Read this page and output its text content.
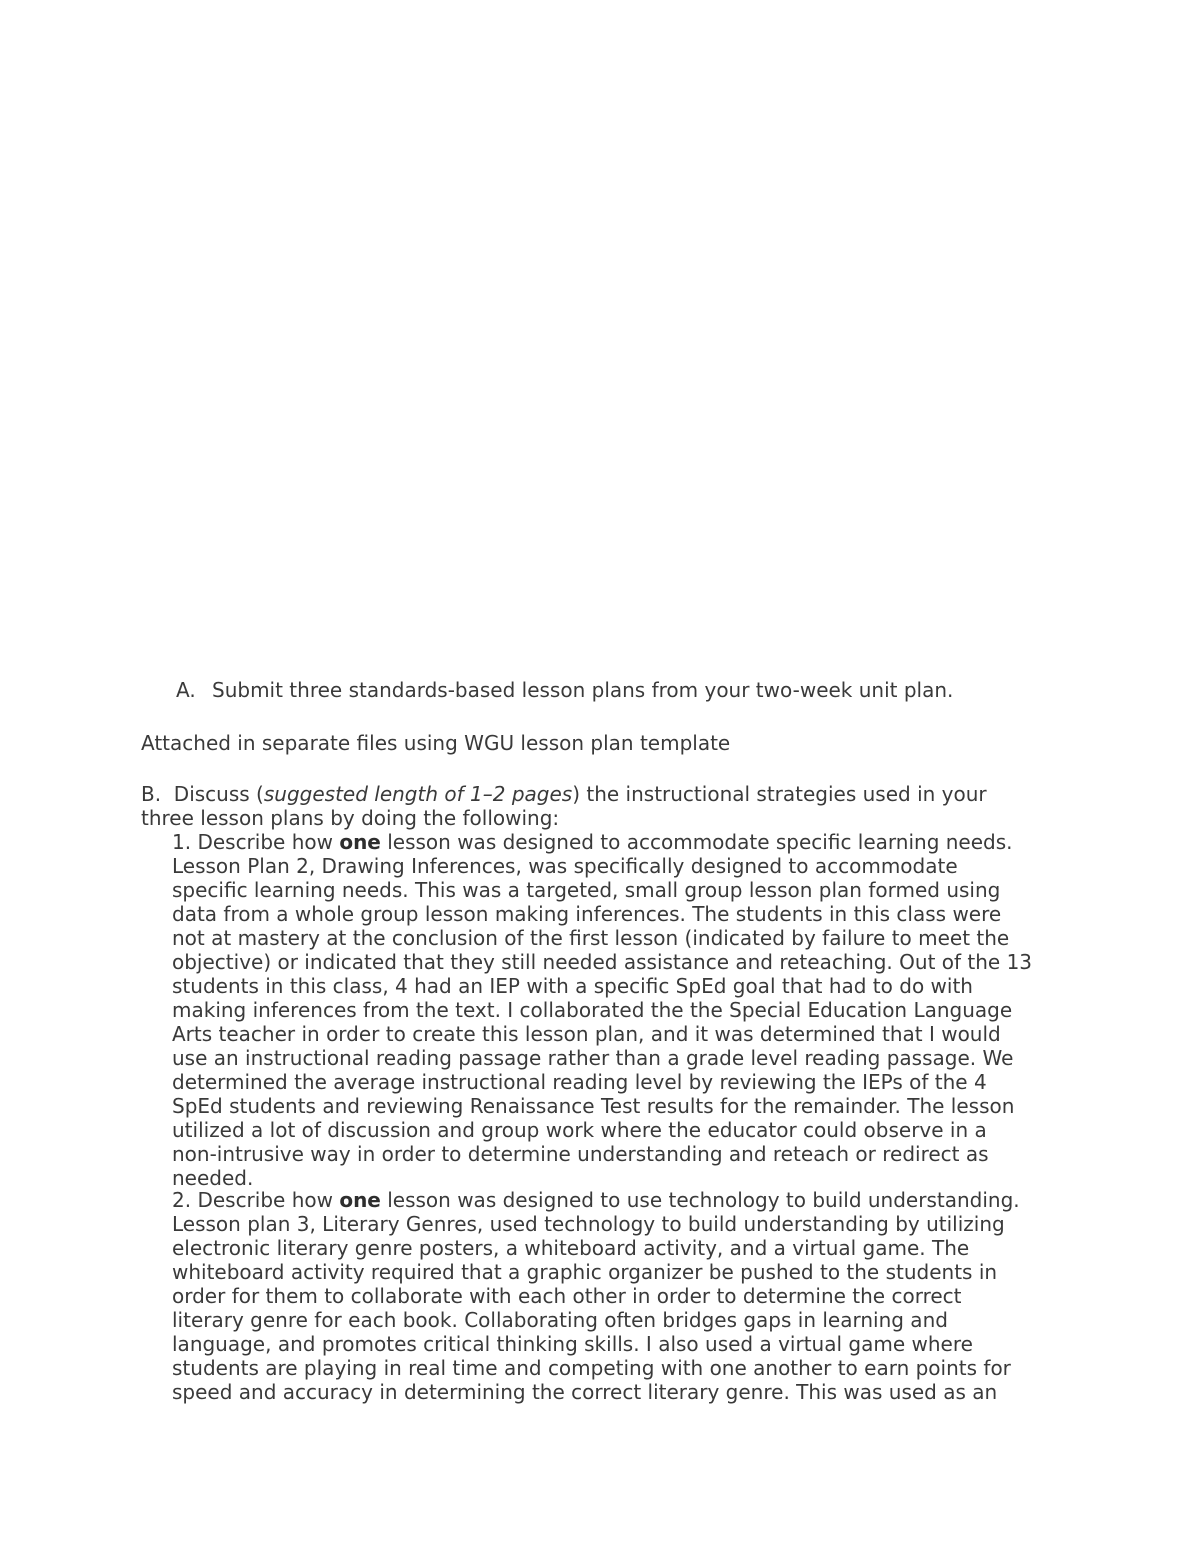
A. Submit three standards-based lesson plans from your two-week unit plan.
Attached in separate files using WGU lesson plan template
B. Discuss (suggested length of 1–2 pages) the instructional strategies used in your
three lesson plans by doing the following:
1. Describe how one lesson was designed to accommodate specific learning needs.
Lesson Plan 2, Drawing Inferences, was specifically designed to accommodate
specific learning needs. This was a targeted, small group lesson plan formed using
data from a whole group lesson making inferences. The students in this class were
not at mastery at the conclusion of the first lesson (indicated by failure to meet the
objective) or indicated that they still needed assistance and reteaching. Out of the 13
students in this class, 4 had an IEP with a specific SpEd goal that had to do with
making inferences from the text. I collaborated the the Special Education Language
Arts teacher in order to create this lesson plan, and it was determined that I would
use an instructional reading passage rather than a grade level reading passage. We
determined the average instructional reading level by reviewing the IEPs of the 4
SpEd students and reviewing Renaissance Test results for the remainder. The lesson
utilized a lot of discussion and group work where the educator could observe in a
non-intrusive way in order to determine understanding and reteach or redirect as
needed.
2. Describe how one lesson was designed to use technology to build understanding.
Lesson plan 3, Literary Genres, used technology to build understanding by utilizing
electronic literary genre posters, a whiteboard activity, and a virtual game. The
whiteboard activity required that a graphic organizer be pushed to the students in
order for them to collaborate with each other in order to determine the correct
literary genre for each book. Collaborating often bridges gaps in learning and
language, and promotes critical thinking skills. I also used a virtual game where
students are playing in real time and competing with one another to earn points for
speed and accuracy in determining the correct literary genre. This was used as an
